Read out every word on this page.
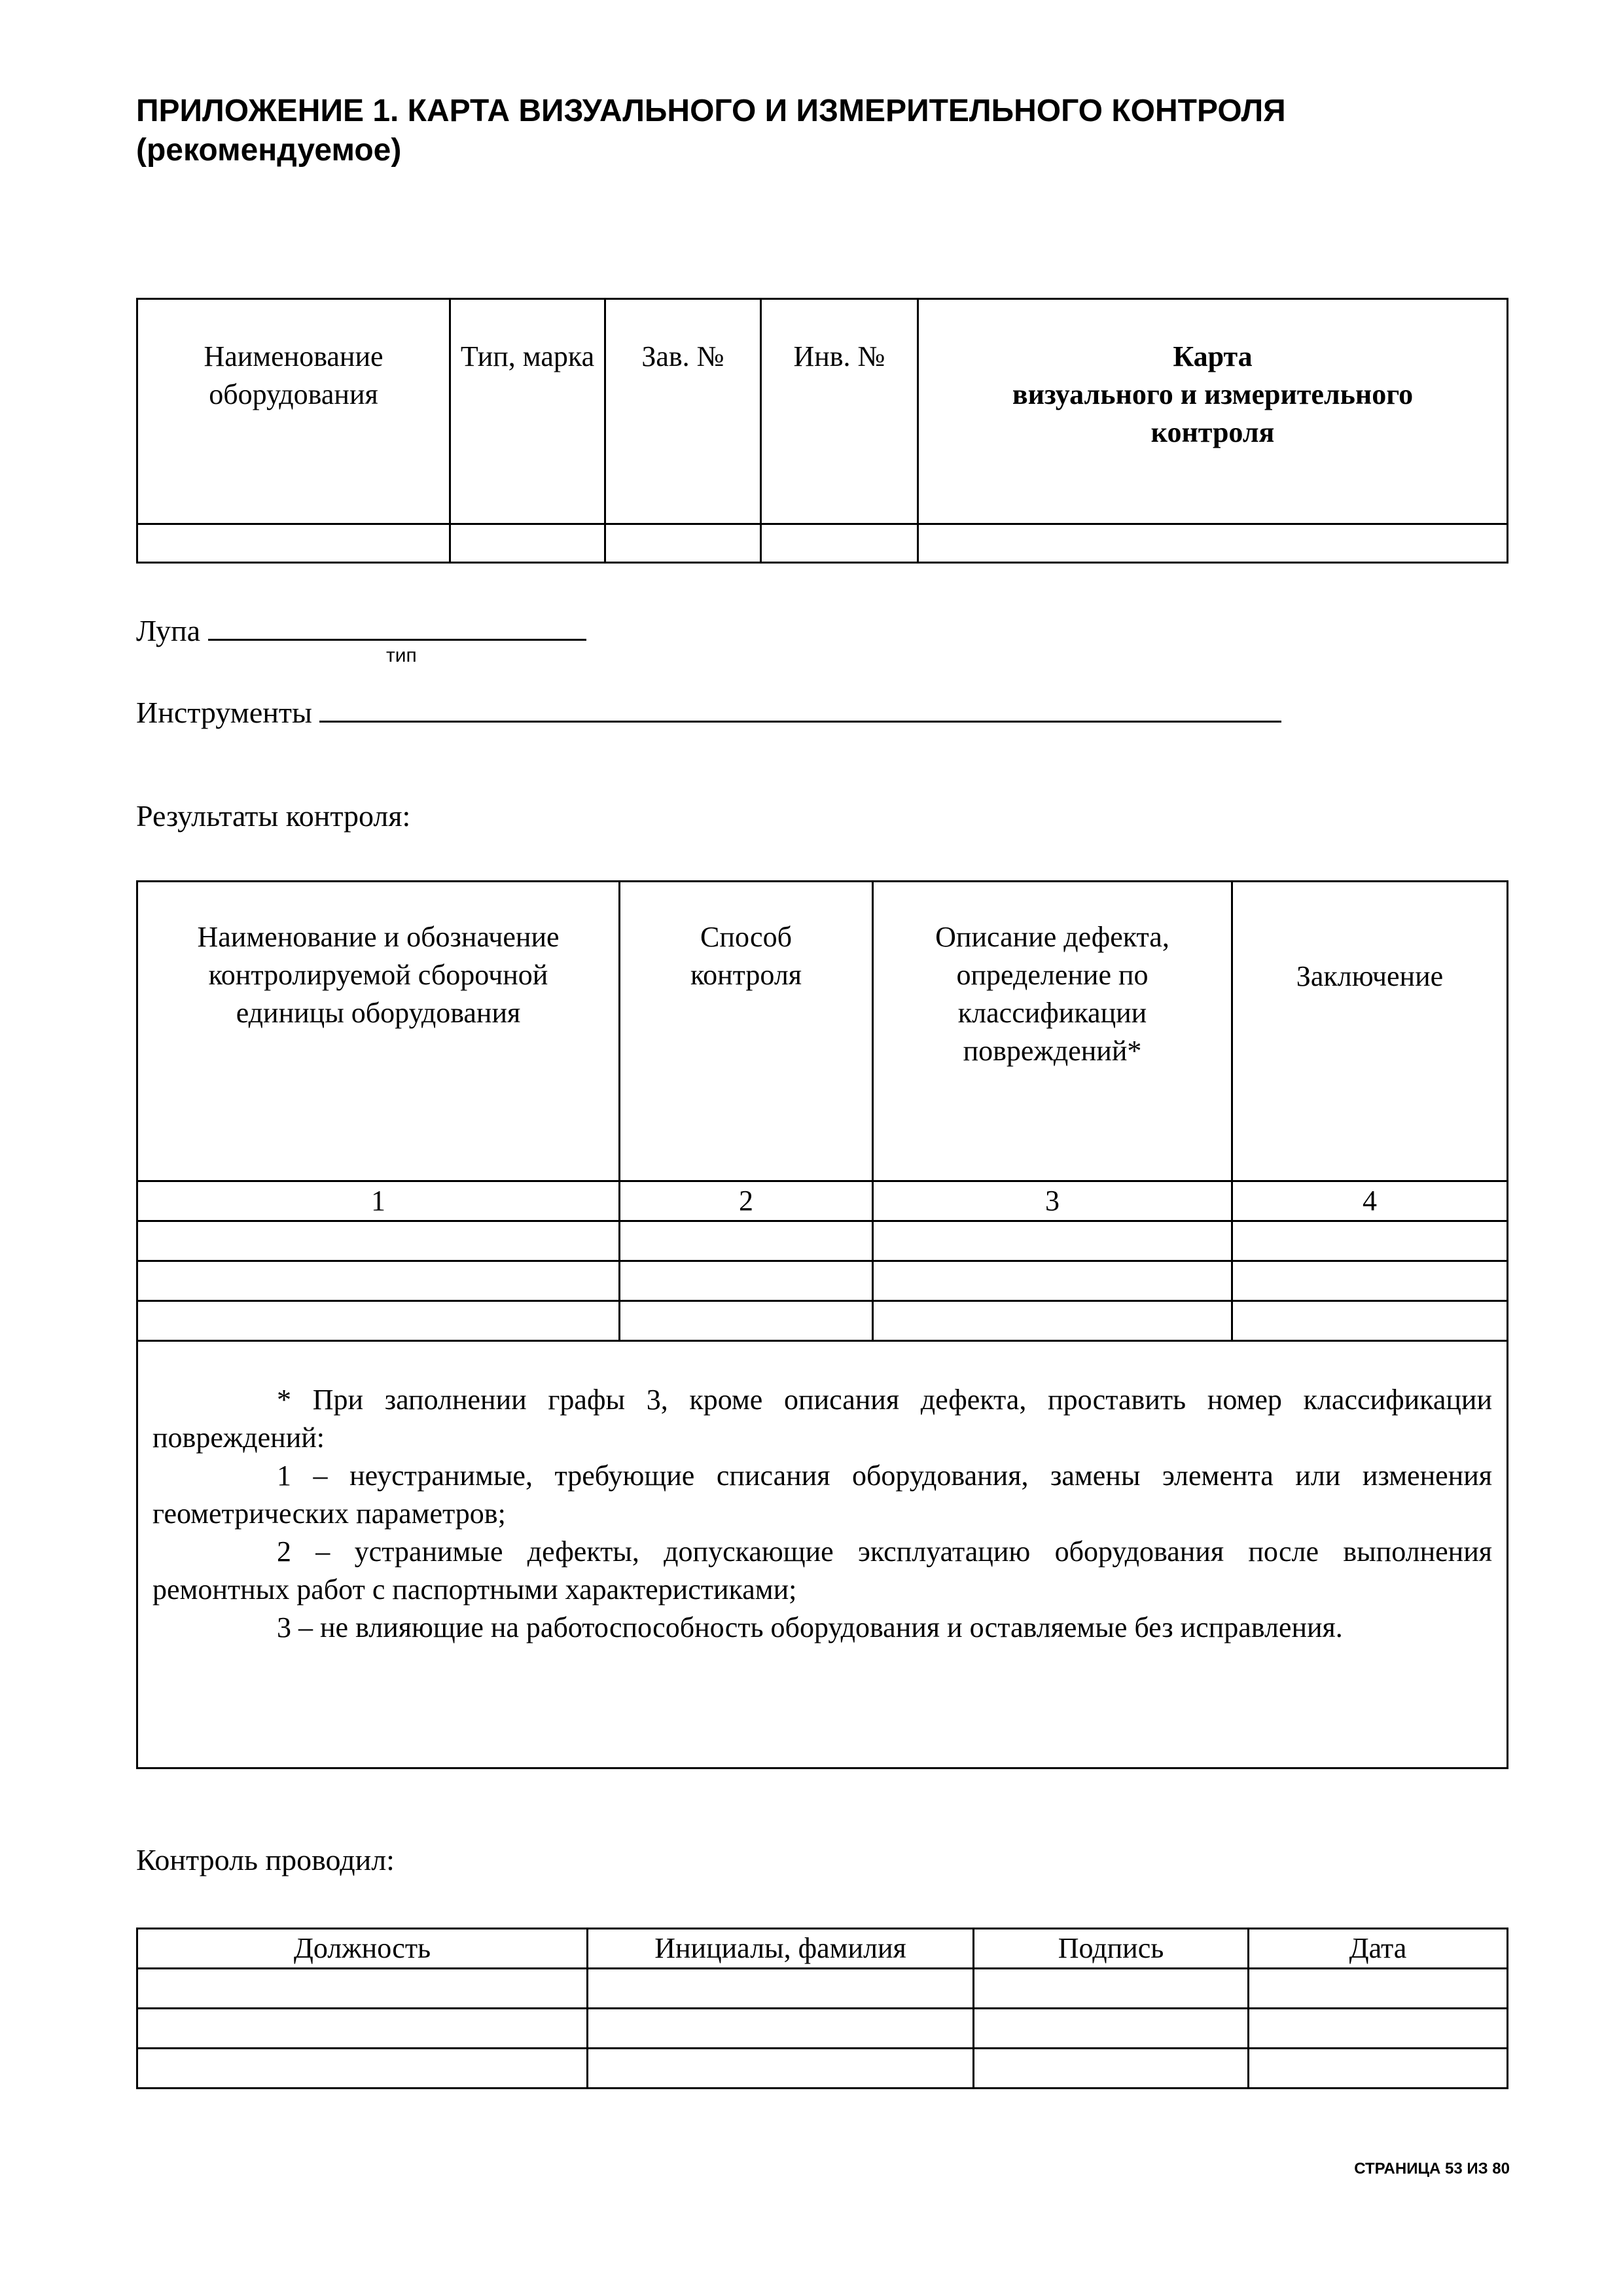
ПРИЛОЖЕНИЕ 1. КАРТА ВИЗУАЛЬНОГО И ИЗМЕРИТЕЛЬНОГО КОНТРОЛЯ
(рекомендуемое)
Наименование оборудования	Тип, марка	Зав. №	Инв. №	Карта
визуального и измерительного контроля

Лупа
тип
Инструменты
Результаты контроля:
Наименование и обозначение контролируемой сборочной единицы оборудования	Способ контроля	Описание дефекта, определение по классификации повреждений*	Заключение
1	2	3	4

* При заполнении графы 3, кроме описания дефекта, проставить номер классификации повреждений:

1 – неустранимые, требующие списания оборудования, замены элемента или изменения геометрических параметров;

2 – устранимые дефекты, допускающие эксплуатацию оборудования после выполнения ремонтных работ с паспортными характеристиками;

3 – не влияющие на работоспособность оборудования и оставляемые без исправления.			

Контроль проводил:
Должность	Инициалы, фамилия	Подпись	Дата

СТРАНИЦА 53 ИЗ 80
